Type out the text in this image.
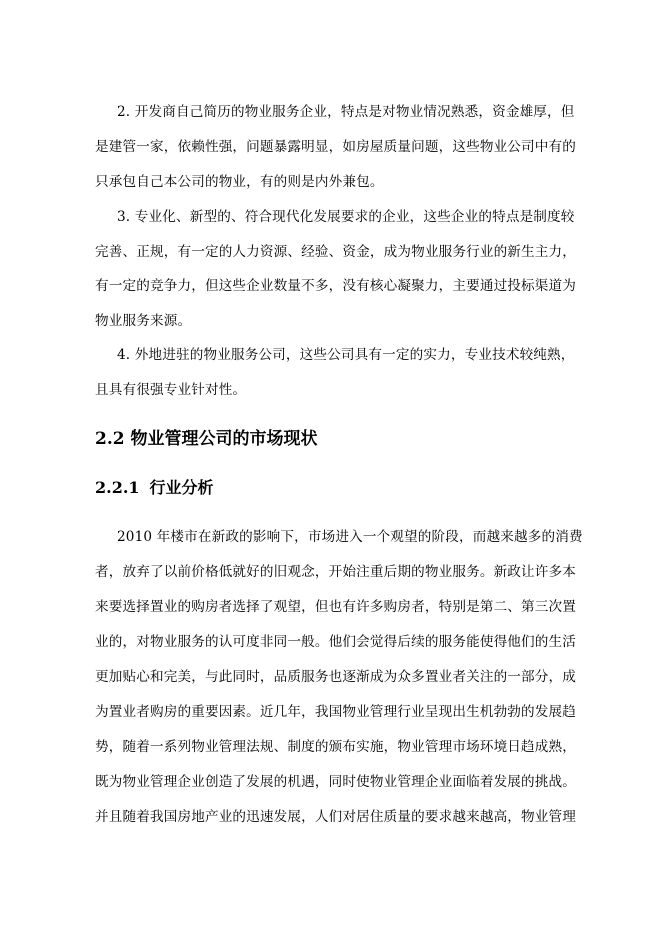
2. 开发商自己简历的物业服务企业，特点是对物业情况熟悉，资金雄厚，但
是建管一家，依赖性强，问题暴露明显，如房屋质量问题，这些物业公司中有的
只承包自己本公司的物业，有的则是内外兼包。
3. 专业化、新型的、符合现代化发展要求的企业，这些企业的特点是制度较
完善、正规，有一定的人力资源、经验、资金，成为物业服务行业的新生主力，
有一定的竞争力，但这些企业数量不多，没有核心凝聚力，主要通过投标渠道为
物业服务来源。
4. 外地进驻的物业服务公司，这些公司具有一定的实力，专业技术较纯熟，
且具有很强专业针对性。
2.2 物业管理公司的市场现状
2.2.1 行业分析
2010 年楼市在新政的影响下，市场进入一个观望的阶段，而越来越多的消费
者，放弃了以前价格低就好的旧观念，开始注重后期的物业服务。新政让许多本
来要选择置业的购房者选择了观望，但也有许多购房者，特别是第二、第三次置
业的，对物业服务的认可度非同一般。他们会觉得后续的服务能使得他们的生活
更加贴心和完美，与此同时，品质服务也逐渐成为众多置业者关注的一部分，成
为置业者购房的重要因素。近几年，我国物业管理行业呈现出生机勃勃的发展趋
势，随着一系列物业管理法规、制度的颁布实施，物业管理市场环境日趋成熟，
既为物业管理企业创造了发展的机遇，同时使物业管理企业面临着发展的挑战。
并且随着我国房地产业的迅速发展，人们对居住质量的要求越来越高，物业管理
